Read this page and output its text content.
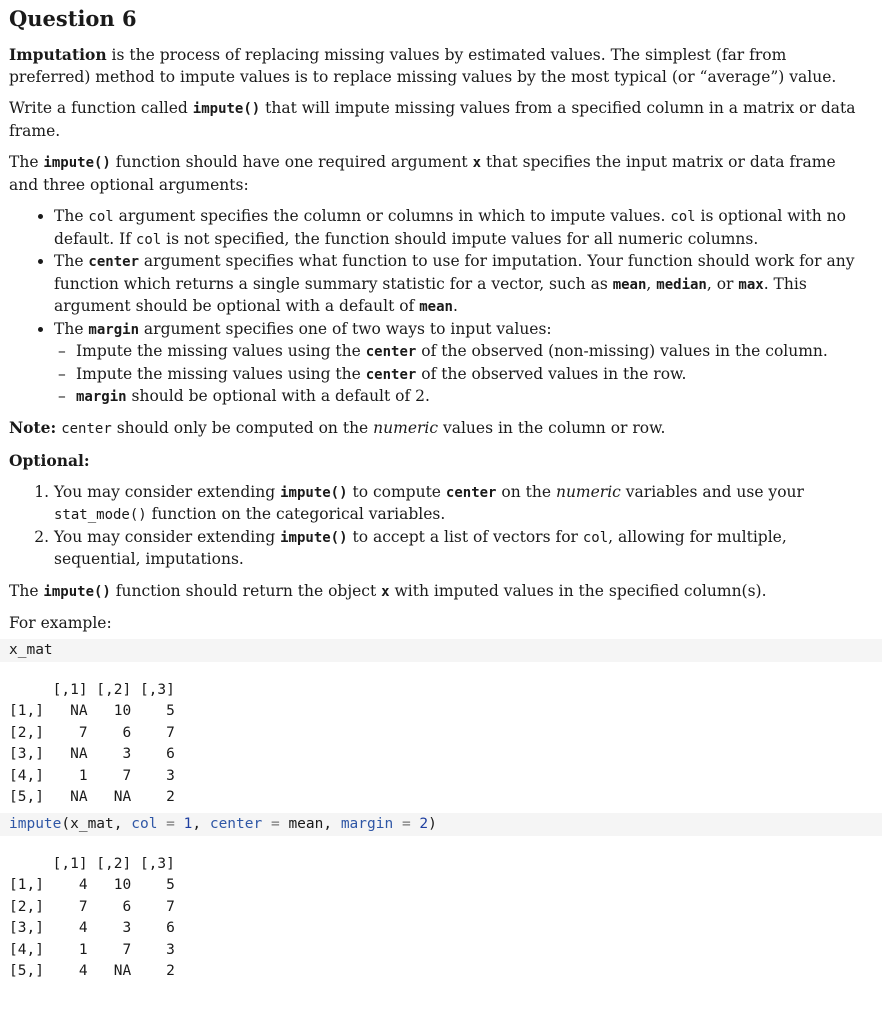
Question 6

Imputation is the process of replacing missing values by estimated values. The simplest (far from preferred) method to impute values is to replace missing values by the most typical (or “average”) value.

Write a function called impute() that will impute missing values from a specified column in a matrix or data frame.

The impute() function should have one required argument x that specifies the input matrix or data frame and three optional arguments:

• The col argument specifies the column or columns in which to impute values. col is optional with no default. If col is not specified, the function should impute values for all numeric columns.
• The center argument specifies what function to use for imputation. Your function should work for any function which returns a single summary statistic for a vector, such as mean, median, or max. This argument should be optional with a default of mean.
• The margin argument specifies one of two ways to input values:
– Impute the missing values using the center of the observed (non-missing) values in the column.
– Impute the missing values using the center of the observed values in the row.
– margin should be optional with a default of 2.

Note: center should only be computed on the numeric values in the column or row.

Optional:

1. You may consider extending impute() to compute center on the numeric variables and use your stat_mode() function on the categorical variables.
2. You may consider extending impute() to accept a list of vectors for col, allowing for multiple, sequential, imputations.

The impute() function should return the object x with imputed values in the specified column(s).

For example:

x_mat
[,1] [,2] [,3]
[1,]   NA   10    5
[2,]    7    6    7
[3,]   NA    3    6
[4,]    1    7    3
[5,]   NA   NA    2
impute(x_mat, col = 1, center = mean, margin = 2)
[,1] [,2] [,3]
[1,]    4   10    5
[2,]    7    6    7
[3,]    4    3    6
[4,]    1    7    3
[5,]    4   NA    2
